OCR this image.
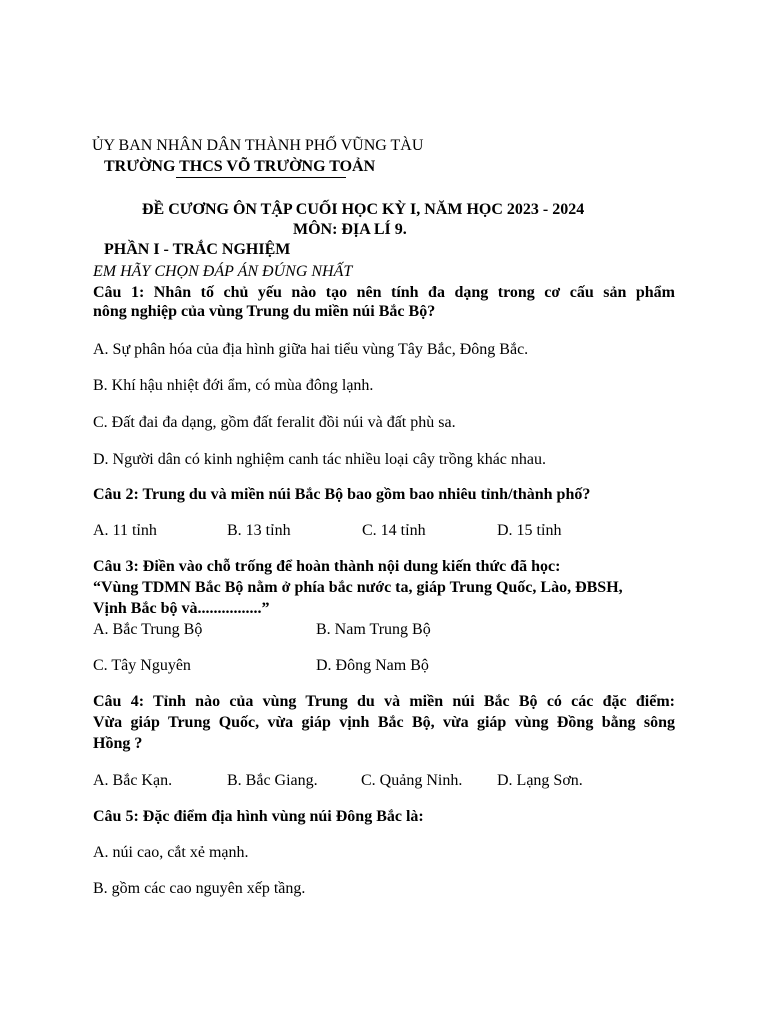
ỦY BAN NHÂN DÂN THÀNH PHỐ VŨNG TÀU
TRƯỜNG THCS VÕ TRƯỜNG TOẢN
ĐỀ CƯƠNG ÔN TẬP CUỐI HỌC KỲ I, NĂM HỌC 2023 - 2024
MÔN: ĐỊA LÍ 9.
PHẦN I - TRẮC NGHIỆM
EM HÃY CHỌN ĐÁP ÁN ĐÚNG NHẤT
Câu 1: Nhân tố chủ yếu nào tạo nên tính đa dạng trong cơ cấu sản phẩm
nông nghiệp của vùng Trung du miền núi Bắc Bộ?
A. Sự phân hóa của địa hình giữa hai tiểu vùng Tây Bắc, Đông Bắc.
B. Khí hậu nhiệt đới ẩm, có mùa đông lạnh.
C. Đất đai đa dạng, gồm đất feralit đồi núi và đất phù sa.
D. Người dân có kinh nghiệm canh tác nhiều loại cây trồng khác nhau.
Câu 2: Trung du và miền núi Bắc Bộ bao gồm bao nhiêu tỉnh/thành phố?
A. 11 tỉnh	B. 13 tỉnh	C. 14 tỉnh	D. 15 tỉnh
Câu 3: Điền vào chỗ trống để hoàn thành nội dung kiến thức đã học:
“Vùng TDMN Bắc Bộ nằm ở phía bắc nước ta, giáp Trung Quốc, Lào, ĐBSH,
Vịnh Bắc bộ và................”
A. Bắc Trung Bộ	B. Nam Trung Bộ
C. Tây Nguyên	D. Đông Nam Bộ
Câu 4: Tỉnh nào của vùng Trung du và miền núi Bắc Bộ có các đặc điểm:
Vừa giáp Trung Quốc, vừa giáp vịnh Bắc Bộ, vừa giáp vùng Đồng bằng sông
Hồng ?
A. Bắc Kạn.	B. Bắc Giang.	C. Quảng Ninh. D. Lạng Sơn.
Câu 5: Đặc điểm địa hình vùng núi Đông Bắc là:
A. núi cao, cắt xẻ mạnh.
B. gồm các cao nguyên xếp tầng.
